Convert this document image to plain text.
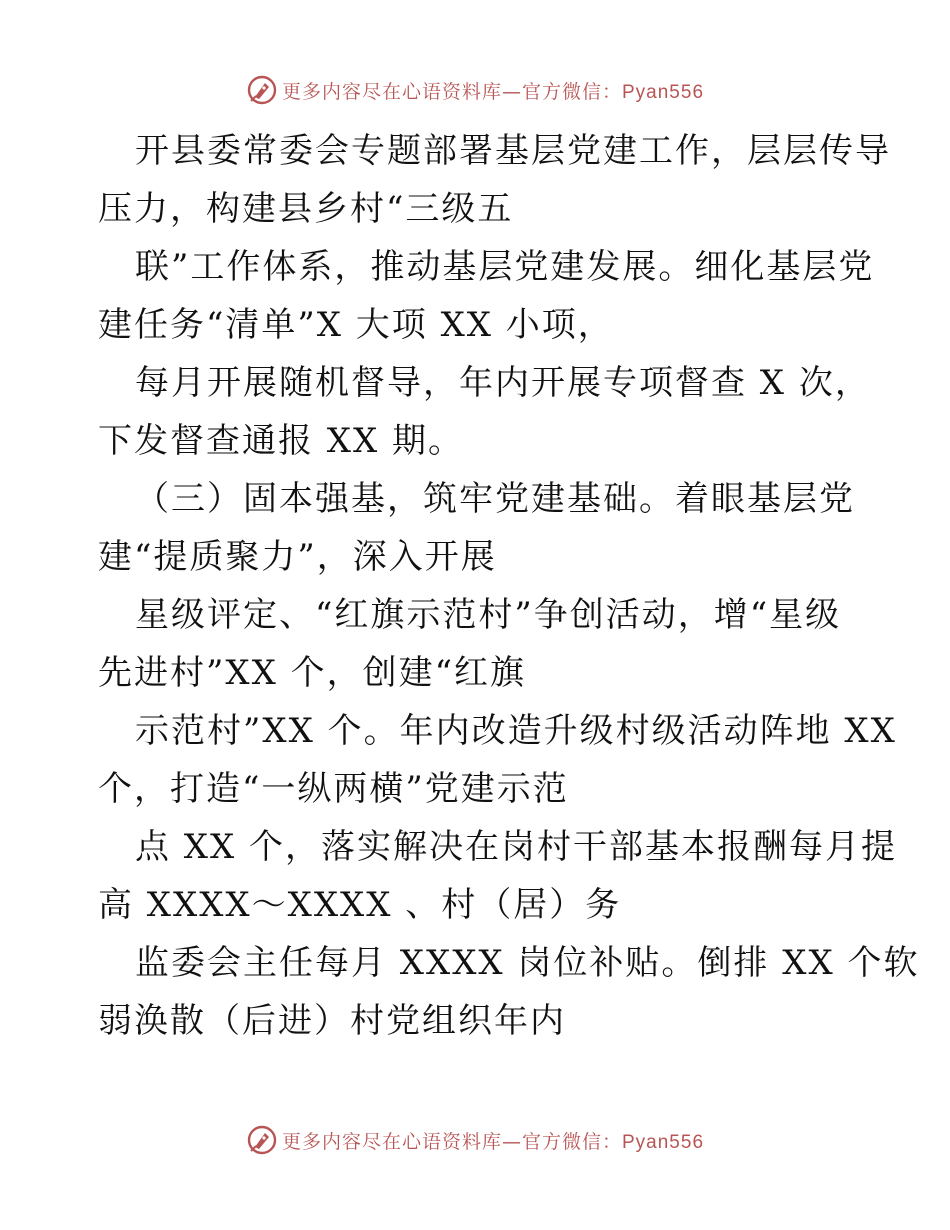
更多内容尽在心语资料库—官方微信：Pyan556
开县委常委会专题部署基层党建工作，层层传导
压力，构建县乡村“三级五
联”工作体系，推动基层党建发展。细化基层党
建任务“清单”X 大项 XX 小项，
每月开展随机督导，年内开展专项督查 X 次，
下发督查通报 XX 期。
（三）固本强基，筑牢党建基础。着眼基层党
建“提质聚力”，深入开展
星级评定、“红旗示范村”争创活动，增“星级
先进村”XX 个，创建“红旗
示范村”XX 个。年内改造升级村级活动阵地 XX
个，打造“一纵两横”党建示范
点 XX 个，落实解决在岗村干部基本报酬每月提
高 XXXX～XXXX 、村（居）务
监委会主任每月 XXXX 岗位补贴。倒排 XX 个软
弱涣散（后进）村党组织年内
更多内容尽在心语资料库—官方微信：Pyan556
